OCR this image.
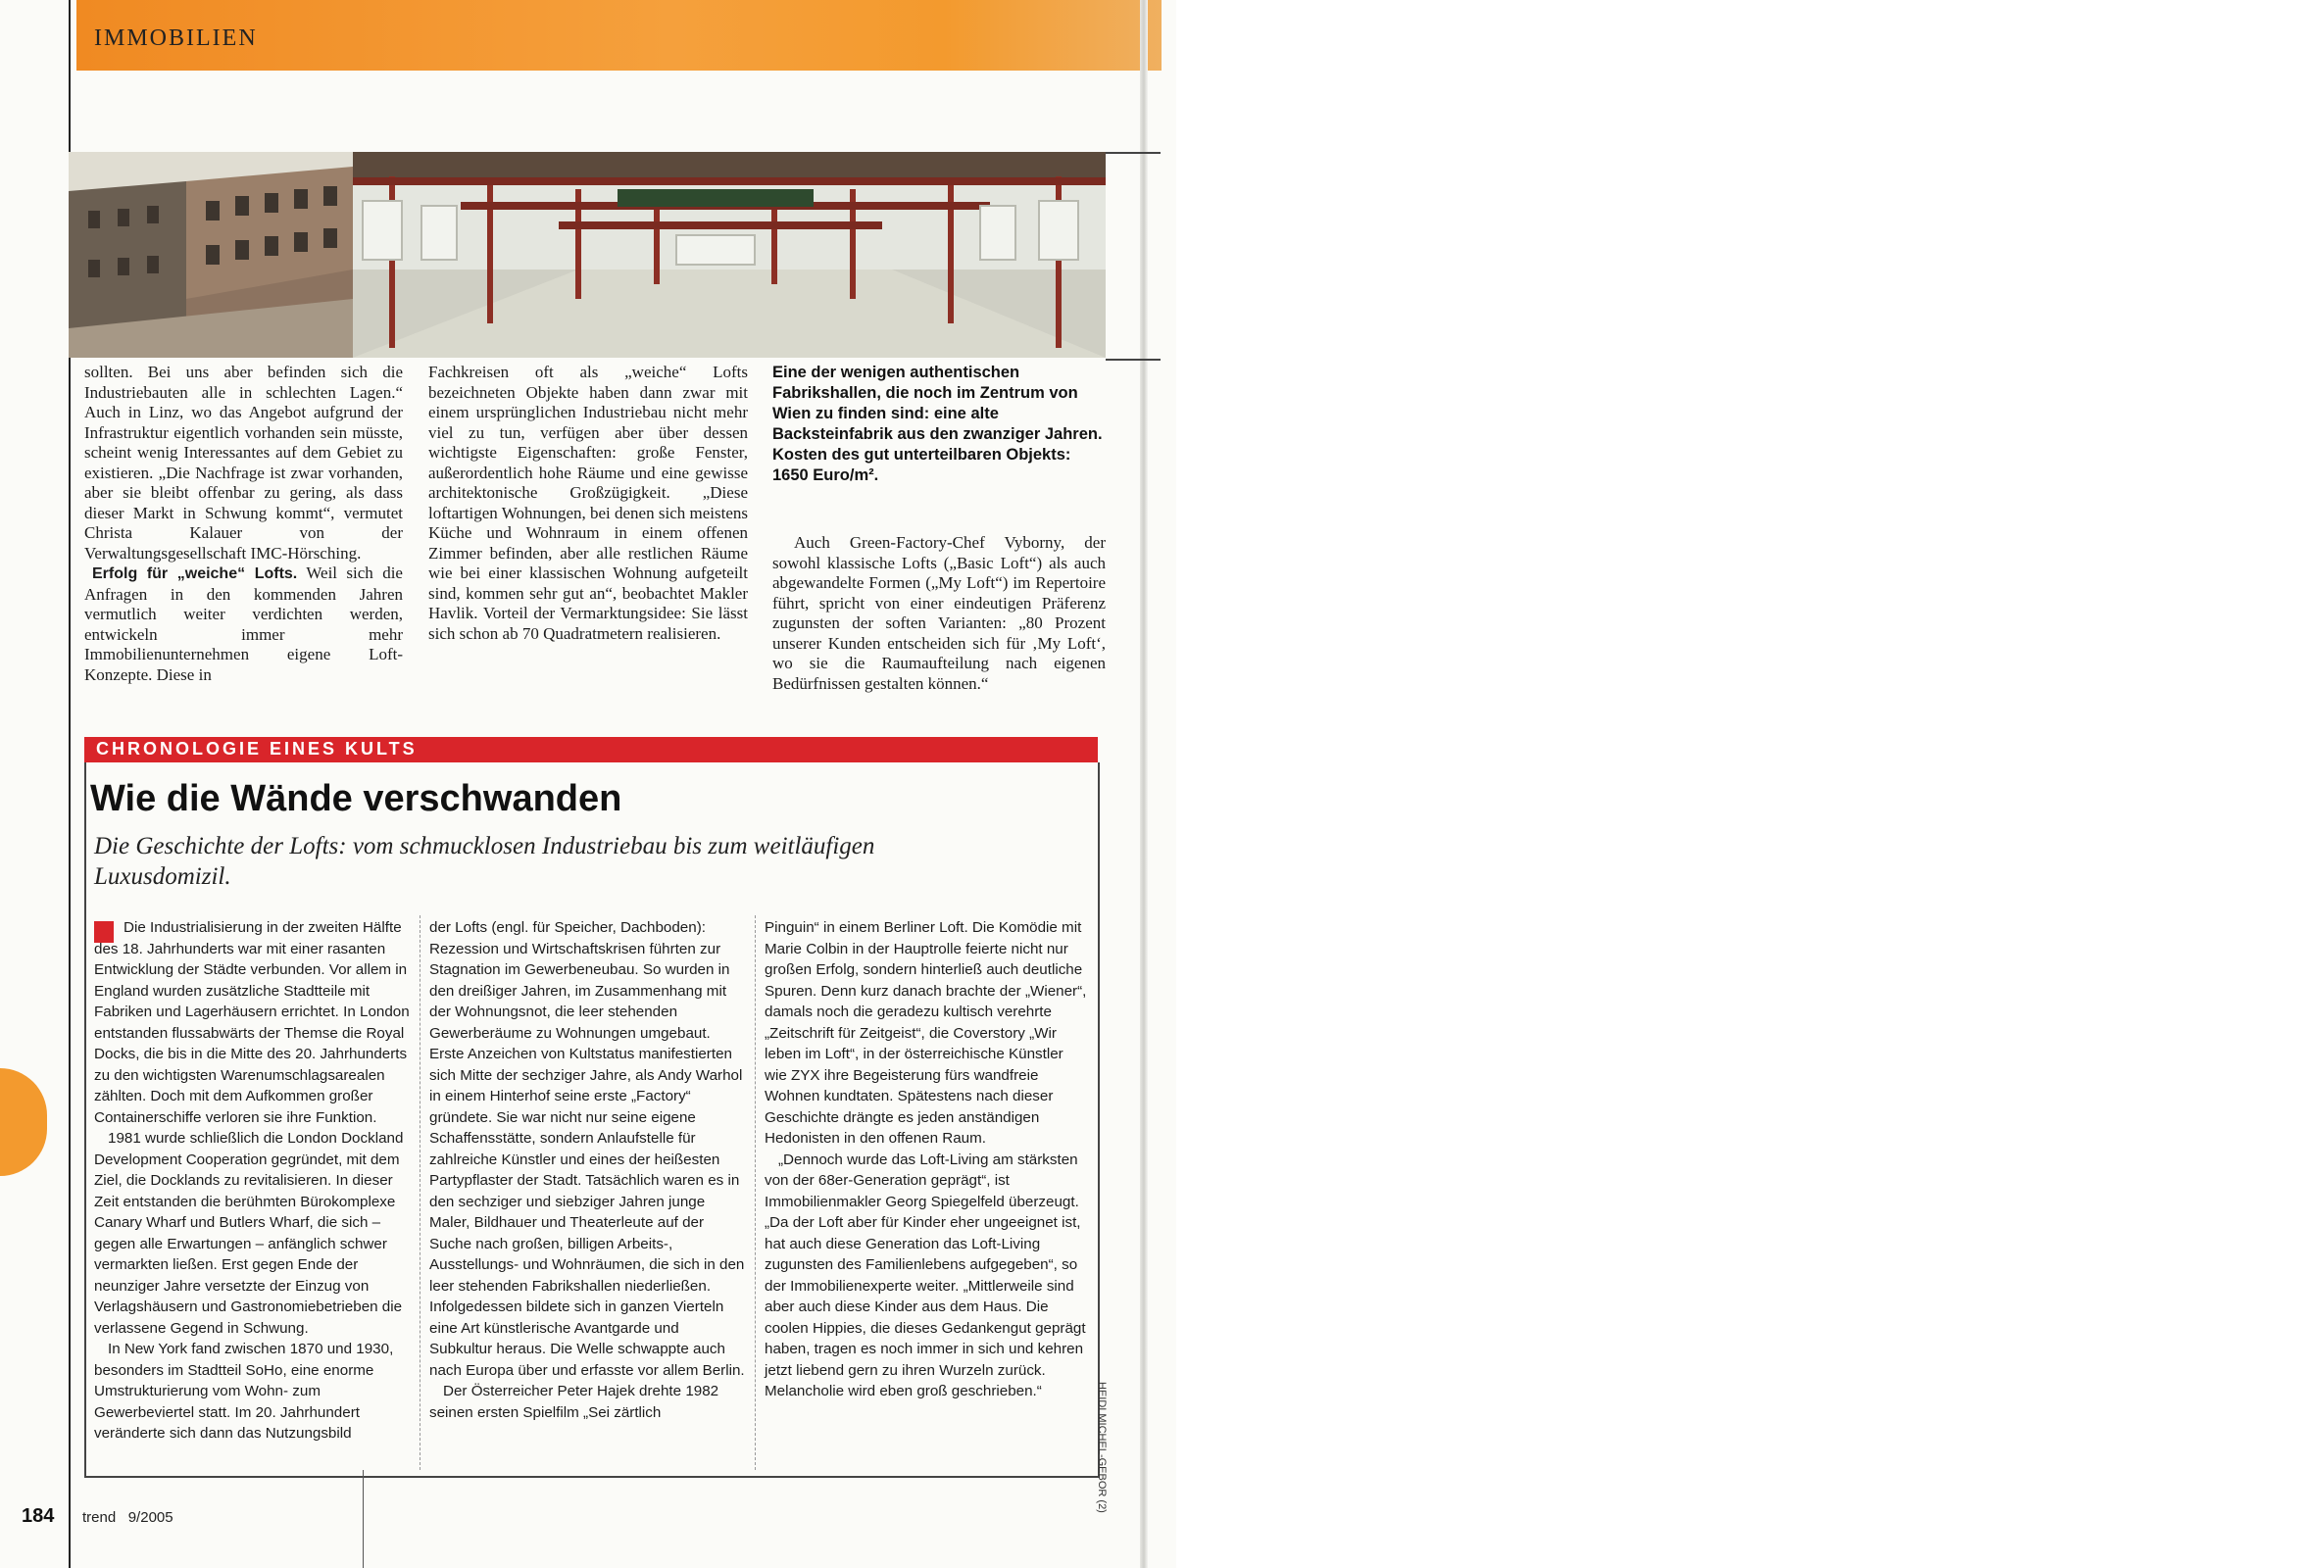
IMMOBILIEN

sollten. Bei uns aber befinden sich die Industriebauten alle in schlechten Lagen.“ Auch in Linz, wo das Angebot aufgrund der Infrastruktur eigentlich vorhanden sein müsste, scheint wenig Interessantes auf dem Gebiet zu existieren. „Die Nachfrage ist zwar vorhanden, aber sie bleibt offenbar zu gering, als dass dieser Markt in Schwung kommt“, vermutet Christa Kalauer von der Verwaltungsgesellschaft IMC-Hörsching.

Erfolg für „weiche“ Lofts. Weil sich die Anfragen in den kommenden Jahren vermutlich weiter verdichten werden, entwickeln immer mehr Immobilienunternehmen eigene Loft-Konzepte. Diese in

Fachkreisen oft als „weiche“ Lofts bezeichneten Objekte haben dann zwar mit einem ursprünglichen Industriebau nicht mehr viel zu tun, verfügen aber über dessen wichtigste Eigenschaften: große Fenster, außerordentlich hohe Räume und eine gewisse architektonische Großzügigkeit. „Diese loftartigen Wohnungen, bei denen sich meistens Küche und Wohnraum in einem offenen Zimmer befinden, aber alle restlichen Räume wie bei einer klassischen Wohnung aufgeteilt sind, kommen sehr gut an“, beobachtet Makler Havlik. Vorteil der Vermarktungsidee: Sie lässt sich schon ab 70 Quadratmetern realisieren.

Eine der wenigen authentischen Fabrikshallen, die noch im Zentrum von Wien zu finden sind: eine alte Backsteinfabrik aus den zwanziger Jahren. Kosten des gut unterteilbaren Objekts: 1650 Euro/m².

Auch Green-Factory-Chef Vyborny, der sowohl klassische Lofts („Basic Loft“) als auch abgewandelte Formen („My Loft“) im Repertoire führt, spricht von einer eindeutigen Präferenz zugunsten der soften Varianten: „80 Prozent unserer Kunden entscheiden sich für ‚My Loft‘, wo sie die Raumaufteilung nach eigenen Bedürfnissen gestalten können.“

CHRONOLOGIE EINES KULTS
Wie die Wände verschwanden
Die Geschichte der Lofts: vom schmucklosen Industriebau bis zum weitläufigen Luxusdomizil.

Die Industrialisierung in der zweiten Hälfte des 18. Jahrhunderts war mit einer rasanten Entwicklung der Städte verbunden. Vor allem in England wurden zusätzliche Stadtteile mit Fabriken und Lagerhäusern errichtet. In London entstanden flussabwärts der Themse die Royal Docks, die bis in die Mitte des 20. Jahrhunderts zu den wichtigsten Warenumschlagsarealen zählten. Doch mit dem Aufkommen großer Containerschiffe verloren sie ihre Funktion.

1981 wurde schließlich die London Dockland Development Cooperation gegründet, mit dem Ziel, die Docklands zu revitalisieren. In dieser Zeit entstanden die berühmten Bürokomplexe Canary Wharf und Butlers Wharf, die sich – gegen alle Erwartungen – anfänglich schwer vermarkten ließen. Erst gegen Ende der neunziger Jahre versetzte der Einzug von Verlagshäusern und Gastronomiebetrieben die verlassene Gegend in Schwung.

In New York fand zwischen 1870 und 1930, besonders im Stadtteil SoHo, eine enorme Umstrukturierung vom Wohn- zum Gewerbeviertel statt. Im 20. Jahrhundert veränderte sich dann das Nutzungsbild

der Lofts (engl. für Speicher, Dachboden): Rezession und Wirtschaftskrisen führten zur Stagnation im Gewerbeneubau. So wurden in den dreißiger Jahren, im Zusammenhang mit der Wohnungsnot, die leer stehenden Gewerberäume zu Wohnungen umgebaut. Erste Anzeichen von Kultstatus manifestierten sich Mitte der sechziger Jahre, als Andy Warhol in einem Hinterhof seine erste „Factory“ gründete. Sie war nicht nur seine eigene Schaffensstätte, sondern Anlaufstelle für zahlreiche Künstler und eines der heißesten Partypflaster der Stadt. Tatsächlich waren es in den sechziger und siebziger Jahren junge Maler, Bildhauer und Theaterleute auf der Suche nach großen, billigen Arbeits-, Ausstellungs- und Wohnräumen, die sich in den leer stehenden Fabrikshallen niederließen. Infolgedessen bildete sich in ganzen Vierteln eine Art künstlerische Avantgarde und Subkultur heraus. Die Welle schwappte auch nach Europa über und erfasste vor allem Berlin.

Der Österreicher Peter Hajek drehte 1982 seinen ersten Spielfilm „Sei zärtlich

Pinguin“ in einem Berliner Loft. Die Komödie mit Marie Colbin in der Hauptrolle feierte nicht nur großen Erfolg, sondern hinterließ auch deutliche Spuren. Denn kurz danach brachte der „Wiener“, damals noch die geradezu kultisch verehrte „Zeitschrift für Zeitgeist“, die Coverstory „Wir leben im Loft“, in der österreichische Künstler wie ZYX ihre Begeisterung fürs wandfreie Wohnen kundtaten. Spätestens nach dieser Geschichte drängte es jeden anständigen Hedonisten in den offenen Raum.

„Dennoch wurde das Loft-Living am stärksten von der 68er-Generation geprägt“, ist Immobilienmakler Georg Spiegelfeld überzeugt. „Da der Loft aber für Kinder eher ungeeignet ist, hat auch diese Generation das Loft-Living zugunsten des Familienlebens aufgegeben“, so der Immobilienexperte weiter. „Mittlerweile sind aber auch diese Kinder aus dem Haus. Die coolen Hippies, die dieses Gedankengut geprägt haben, tragen es noch immer in sich und kehren jetzt liebend gern zu ihren Wurzeln zurück. Melancholie wird eben groß geschrieben.“	HEIDI MICHEL-GEBOR (2)
184 trend 9/2005
